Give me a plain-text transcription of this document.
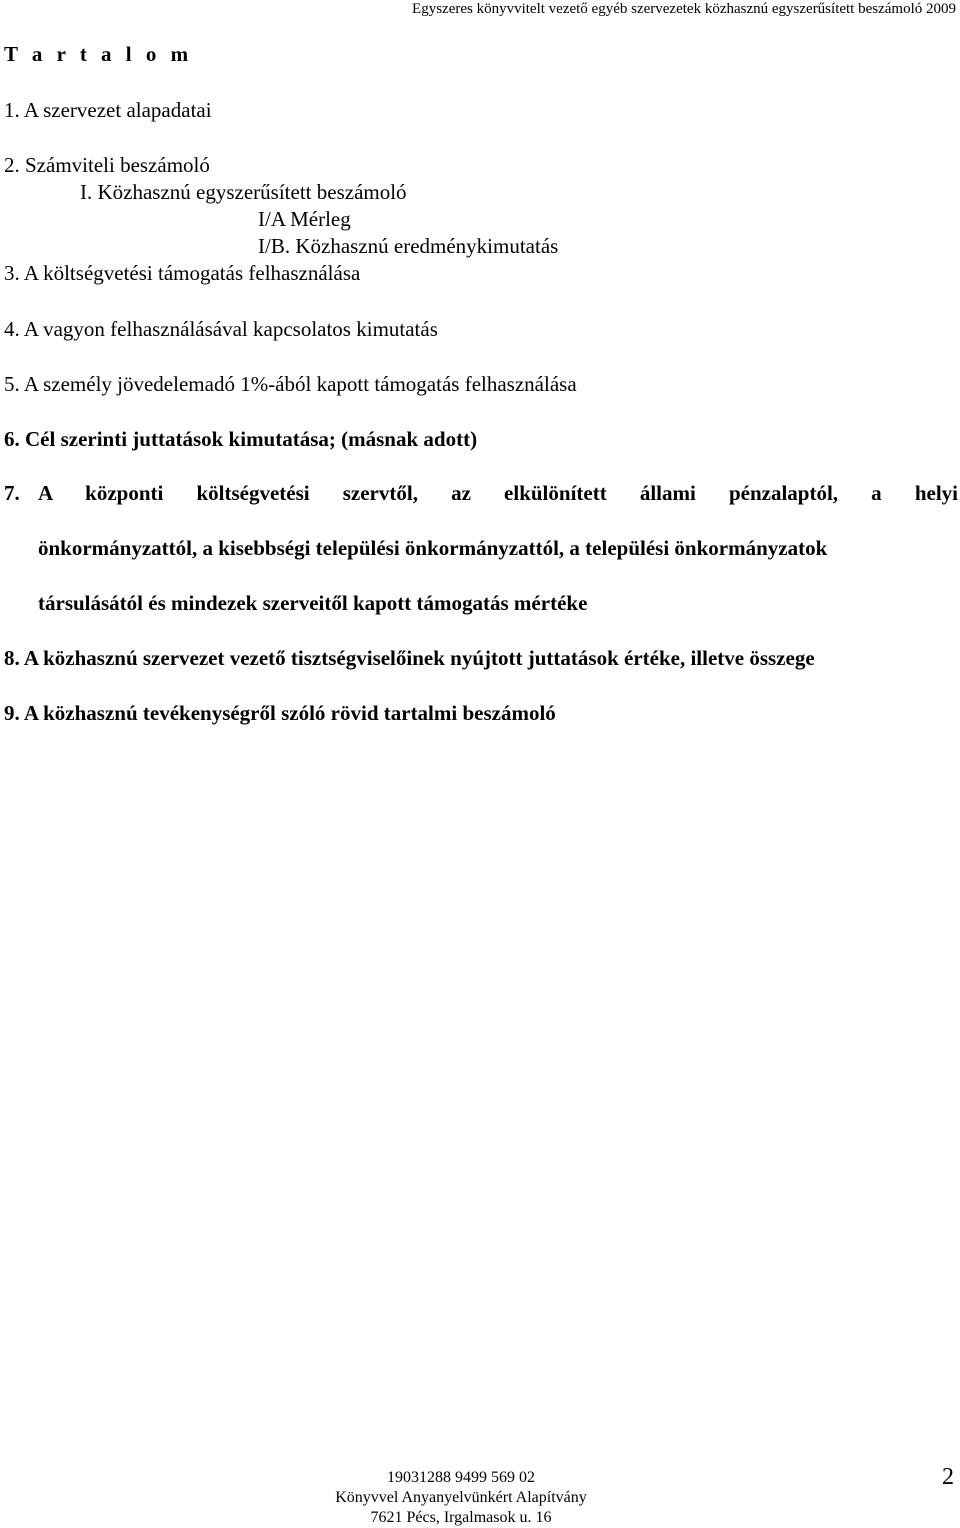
Egyszeres könyvvitelt vezető egyéb szervezetek közhasznú egyszerűsített beszámoló 2009
T a r t a l o m
1. A szervezet alapadatai
2. Számviteli beszámoló
I. Közhasznú egyszerűsített beszámoló
I/A Mérleg
I/B. Közhasznú eredménykimutatás
3. A költségvetési támogatás felhasználása
4. A vagyon felhasználásával kapcsolatos kimutatás
5. A személy jövedelemadó 1%-ából kapott támogatás felhasználása
6. Cél szerinti juttatások kimutatása; (másnak adott)
7. A központi költségvetési szervtől, az elkülönített állami pénzalaptól, a helyi
önkormányzattól, a kisebbségi települési önkormányzattól, a települési önkormányzatok
társulásától és mindezek szerveitől kapott támogatás mértéke
8. A közhasznú szervezet vezető tisztségviselőinek nyújtott juttatások értéke, illetve összege
9. A közhasznú tevékenységről szóló rövid tartalmi beszámoló
19031288 9499 569 02
Könyvvel Anyanyelvünkért Alapítvány
7621 Pécs, Irgalmasok u. 16
2
